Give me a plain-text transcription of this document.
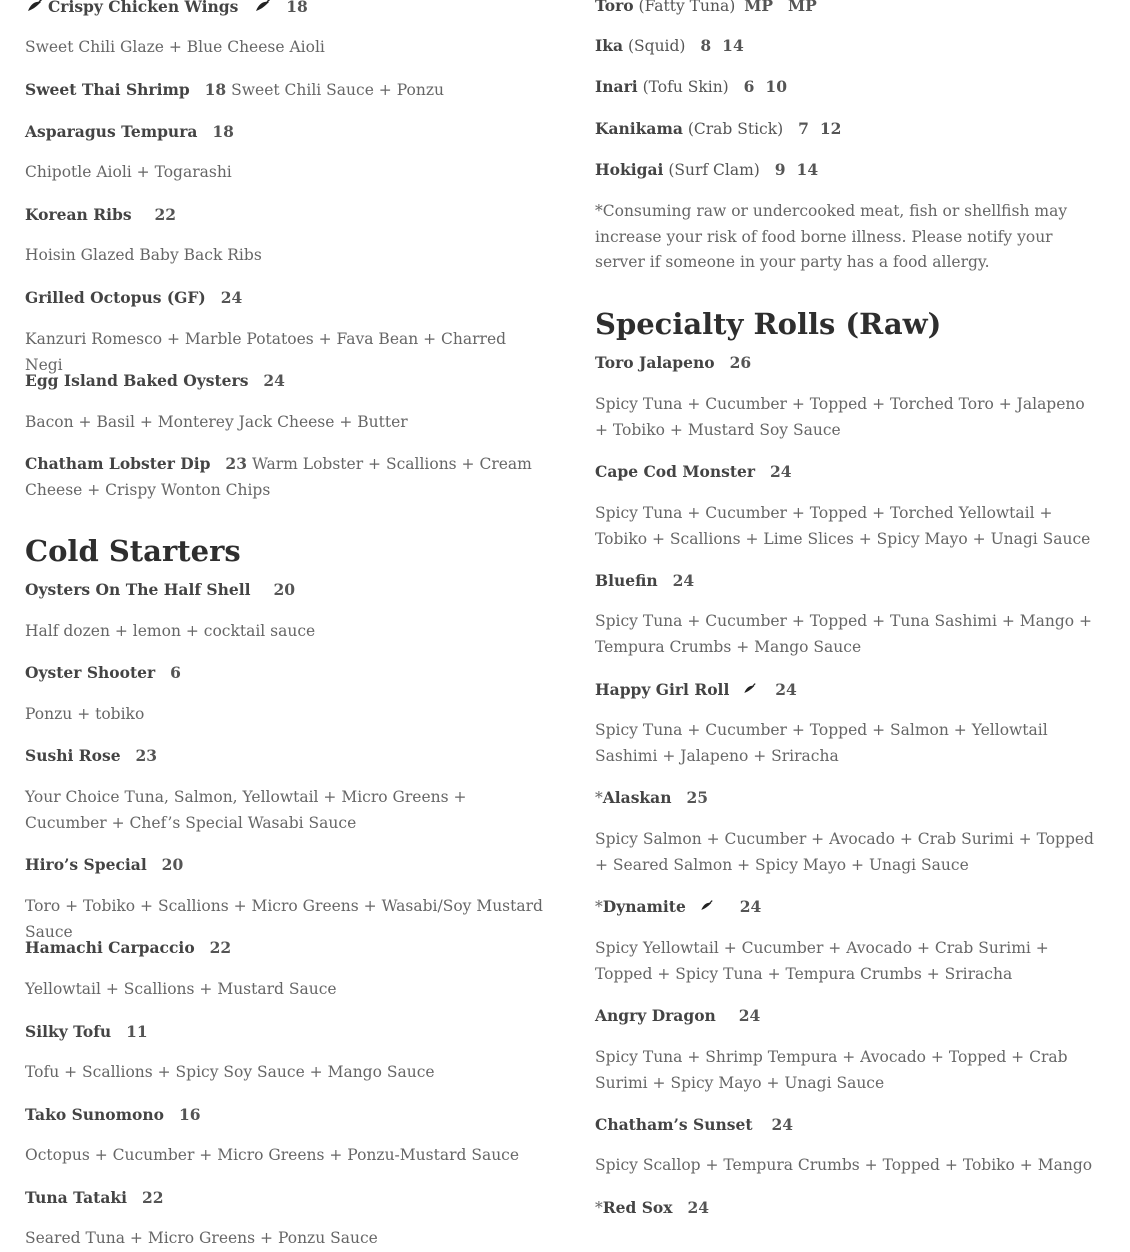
Crispy Chicken Wings	18
Sweet Chili Glaze + Blue Cheese Aioli
Sweet Thai Shrimp 18 Sweet Chili Sauce + Ponzu
Asparagus Tempura 18
Chipotle Aioli + Togarashi
Korean Ribs 22
Hoisin Glazed Baby Back Ribs
Grilled Octopus (GF) 24
Kanzuri Romesco + Marble Potatoes + Fava Bean + Charred Negi
Egg Island Baked Oysters 24
Bacon + Basil + Monterey Jack Cheese + Butter
Chatham Lobster Dip 23 Warm Lobster + Scallions + Cream Cheese + Crispy Wonton Chips
Cold Starters
Oysters On The Half Shell 20
Half dozen + lemon + cocktail sauce
Oyster Shooter 6
Ponzu + tobiko
Sushi Rose 23
Your Choice Tuna, Salmon, Yellowtail + Micro Greens + Cucumber + Chef’s Special Wasabi Sauce
Hiro’s Special 20
Toro + Tobiko + Scallions + Micro Greens + Wasabi/Soy Mustard Sauce
Hamachi Carpaccio 22
Yellowtail + Scallions + Mustard Sauce
Silky Tofu 11
Tofu + Scallions + Spicy Soy Sauce + Mango Sauce
Tako Sunomono 16
Octopus + Cucumber + Micro Greens + Ponzu-Mustard Sauce
Tuna Tataki 22
Seared Tuna + Micro Greens + Ponzu Sauce
Toro (Fatty Tuna) MP MP
Ika (Squid) 8 14
Inari (Tofu Skin) 6 10
Kanikama (Crab Stick) 7 12
Hokigai (Surf Clam) 9 14
*Consuming raw or undercooked meat, fish or shellfish may increase your risk of food borne illness. Please notify your server if someone in your party has a food allergy.
Specialty Rolls (Raw)
Toro Jalapeno 26
Spicy Tuna + Cucumber + Topped + Torched Toro + Jalapeno + Tobiko + Mustard Soy Sauce
Cape Cod Monster 24
Spicy Tuna + Cucumber + Topped + Torched Yellowtail + Tobiko + Scallions + Lime Slices + Spicy Mayo + Unagi Sauce
Bluefin 24
Spicy Tuna + Cucumber + Topped + Tuna Sashimi + Mango + Tempura Crumbs + Mango Sauce
Happy Girl Roll	24
Spicy Tuna + Cucumber + Topped + Salmon + Yellowtail Sashimi + Jalapeno + Sriracha
*Alaskan 25
Spicy Salmon + Cucumber + Avocado + Crab Surimi + Topped + Seared Salmon + Spicy Mayo + Unagi Sauce
*Dynamite	24
Spicy Yellowtail + Cucumber + Avocado + Crab Surimi + Topped + Spicy Tuna + Tempura Crumbs + Sriracha
Angry Dragon 24
Spicy Tuna + Shrimp Tempura + Avocado + Topped + Crab Surimi + Spicy Mayo + Unagi Sauce
Chatham’s Sunset 24
Spicy Scallop + Tempura Crumbs + Topped + Tobiko + Mango
*Red Sox 24
